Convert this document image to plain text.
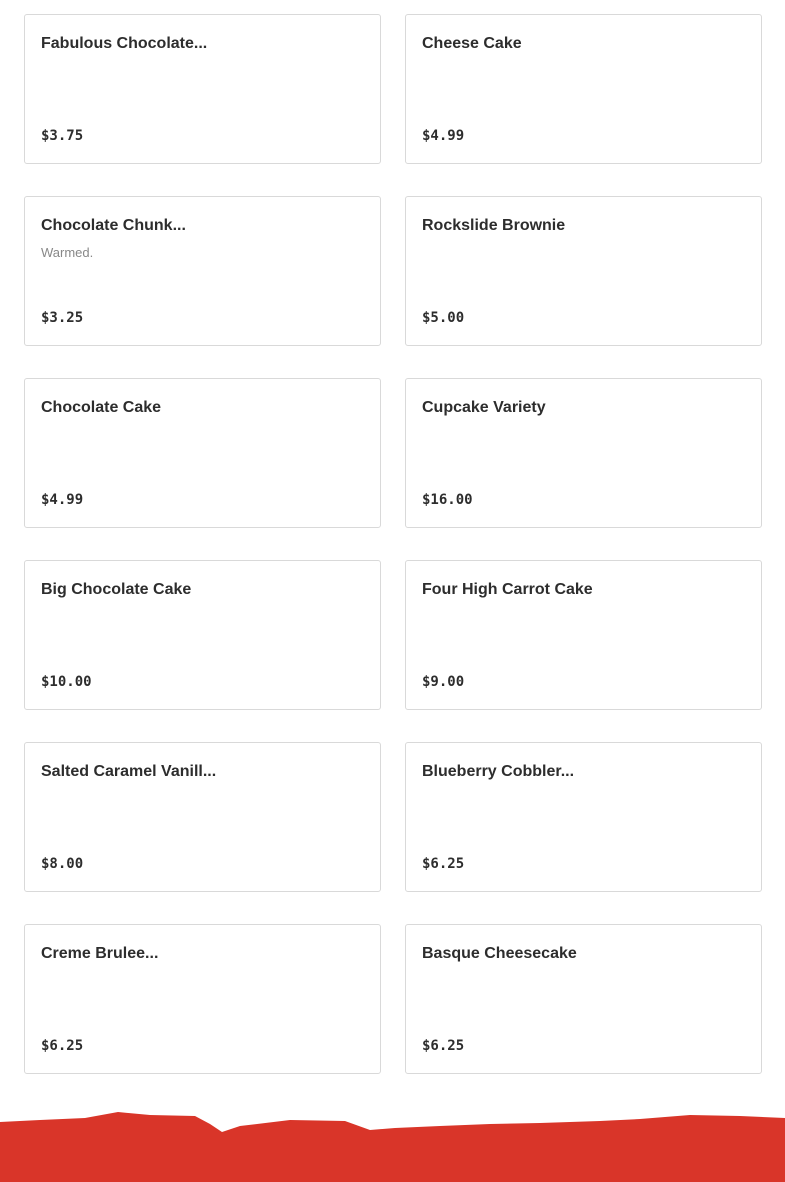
Fabulous Chocolate...
$3.75
Cheese Cake
$4.99
Chocolate Chunk...
Warmed.
$3.25
Rockslide Brownie
$5.00
Chocolate Cake
$4.99
Cupcake Variety
$16.00
Big Chocolate Cake
$10.00
Four High Carrot Cake
$9.00
Salted Caramel Vanill...
$8.00
Blueberry Cobbler...
$6.25
Creme Brulee...
$6.25
Basque Cheesecake
$6.25
